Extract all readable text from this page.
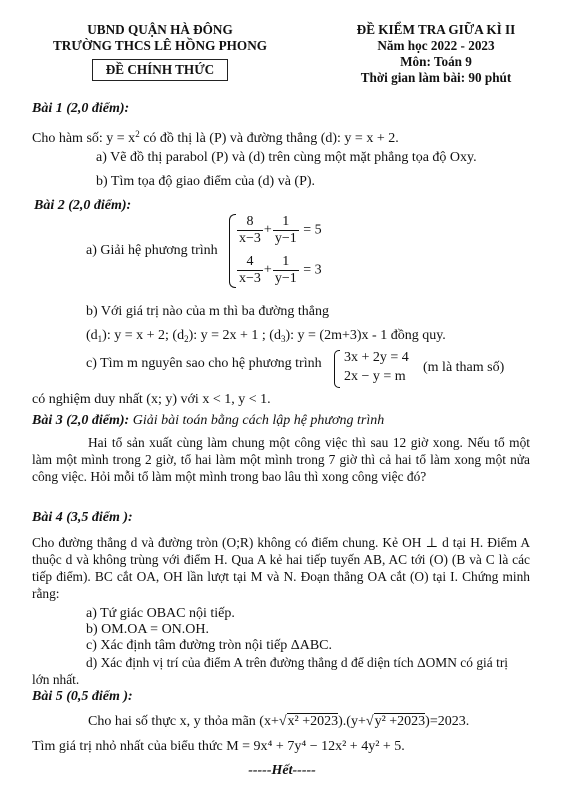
UBND QUẬN HÀ ĐÔNG
TRƯỜNG THCS LÊ HỒNG PHONG
ĐỀ CHÍNH THỨC
ĐỀ KIỂM TRA GIỮA KÌ II
Năm học 2022 - 2023
Môn: Toán 9
Thời gian làm bài: 90 phút
Bài 1 (2,0 điểm):
Cho hàm số: $y = x^2$ có đồ thị là (P) và đường thẳng (d): y = x + 2.
a) Vẽ đồ thị parabol (P) và (d) trên cùng một mặt phẳng tọa độ Oxy.
b) Tìm tọa độ giao điểm của (d) và (P).
Bài 2 (2,0 điểm):
a) Giải hệ phương trình
$\frac{8}{x-3} + \frac{1}{y-1} = 5$
$\frac{4}{x-3} + \frac{1}{y-1} = 3$
b) Với giá trị nào của m thì ba đường thẳng
$(d_1)$: y = x + 2; $(d_2)$: y = 2x + 1 ; $(d_3)$: y = (2m+3)x - 1 đồng quy.
c) Tìm m nguyên sao cho hệ phương trình 3x + 2y = 4
2x − y = m
(m là tham số)
có nghiệm duy nhất (x; y) với x < 1, y < 1.
Bài 3 (2,0 điểm): Giải bài toán bằng cách lập hệ phương trình
Hai tổ sản xuất cùng làm chung một công việc thì sau 12 giờ xong. Nếu tổ một làm một mình trong 2 giờ, tổ hai làm một mình trong 7 giờ thì cả hai tổ làm xong một nửa công việc. Hỏi mỗi tổ làm một mình trong bao lâu thì xong công việc đó?
Bài 4 (3,5 điểm ):
Cho đường thẳng d và đường tròn (O;R) không có điểm chung. Kẻ OH ⊥ d tại H. Điểm A thuộc d và không trùng với điểm H. Qua A kẻ hai tiếp tuyến AB, AC tới (O) (B và C là các tiếp điểm). BC cắt OA, OH lần lượt tại M và N. Đoạn thẳng OA cắt (O) tại I. Chứng minh rằng:
a) Tứ giác OBAC nội tiếp.
b) OM.OA = ON.OH.
c) Xác định tâm đường tròn nội tiếp ΔABC.
d) Xác định vị trí của điểm A trên đường thẳng d để diện tích ΔOMN có giá trị lớn nhất.
Bài 5 (0,5 điểm ):
Cho hai số thực x, y thỏa mãn (x+√x² +2023).(y+√y² +2023)=2023.
Tìm giá trị nhỏ nhất của biểu thức M = 9x⁴ + 7y⁴ − 12x² + 4y² + 5.
-----Hết-----
